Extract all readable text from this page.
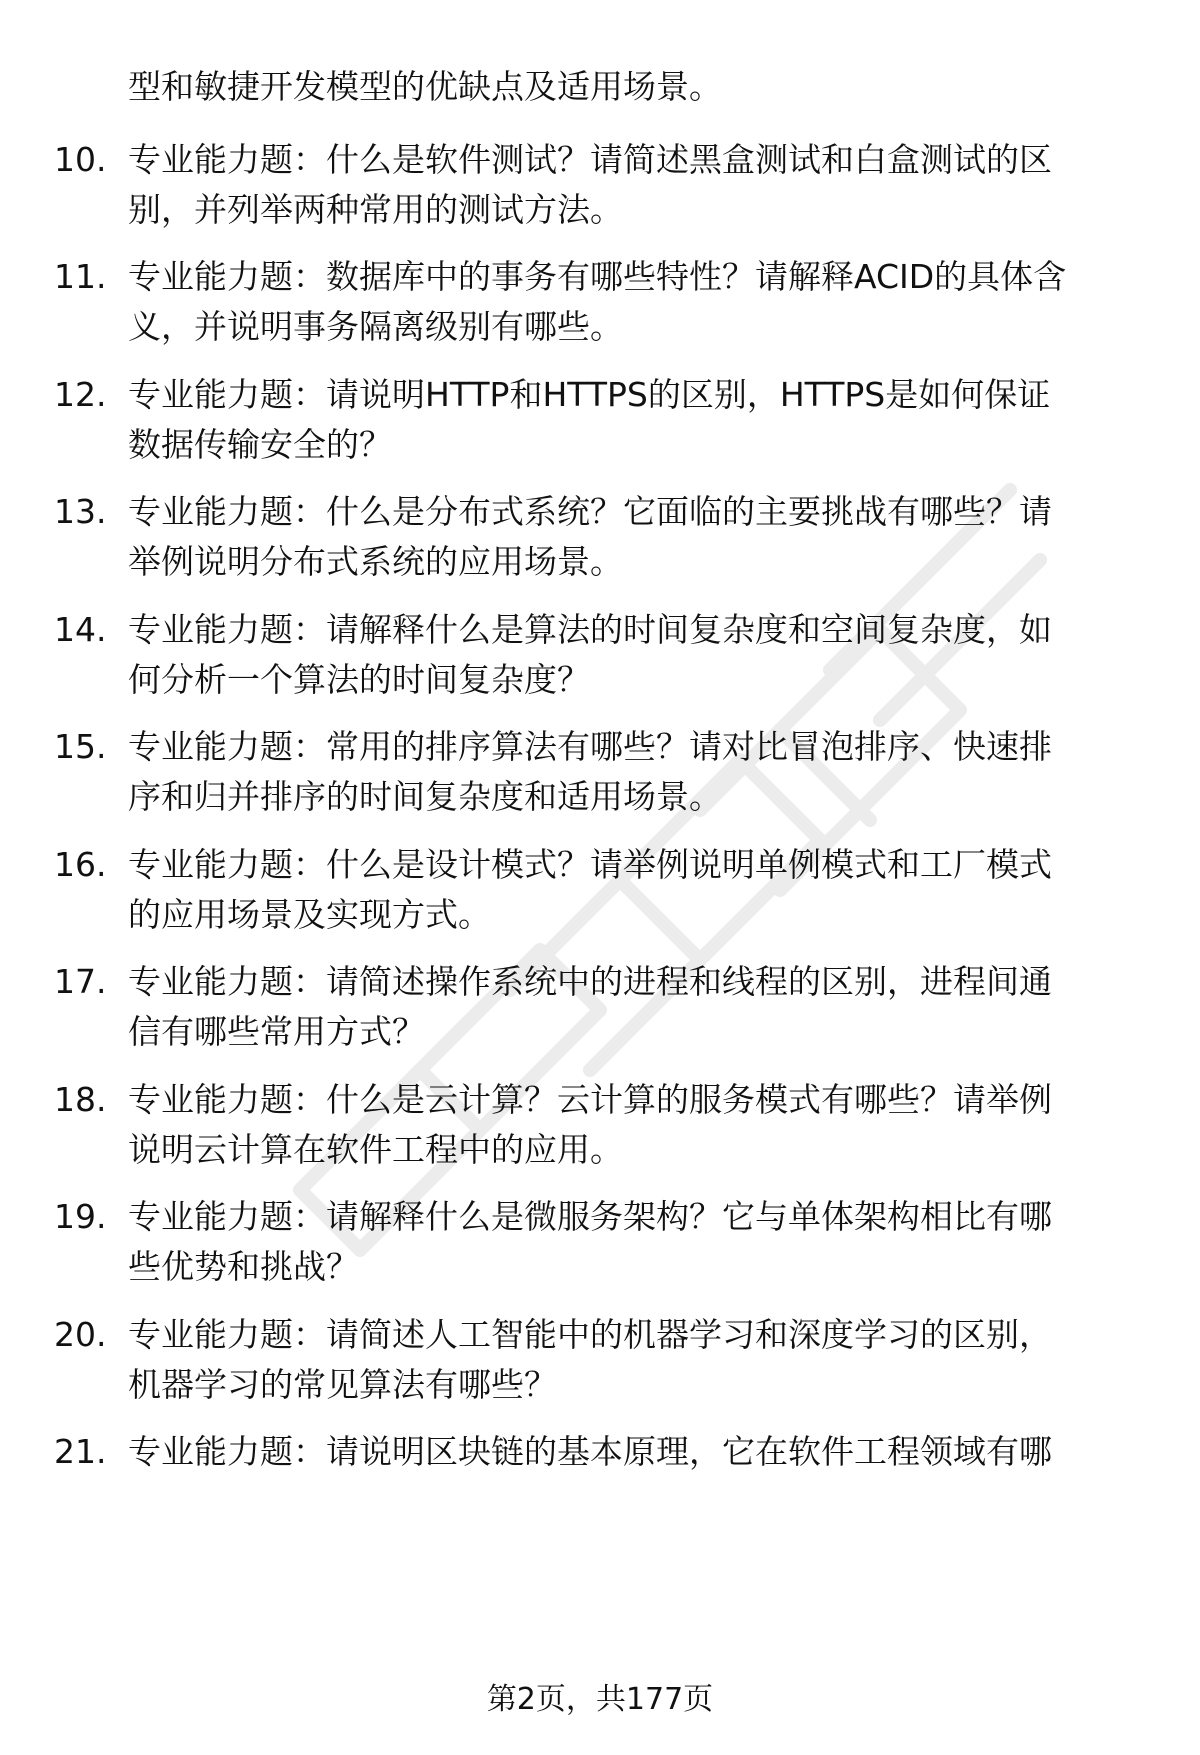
型和敏捷开发模型的优缺点及适用场景。
10. 专业能力题：什么是软件测试？请简述黑盒测试和白盒测试的区
别，并列举两种常用的测试方法。
11. 专业能力题：数据库中的事务有哪些特性？请解释ACID的具体含
义，并说明事务隔离级别有哪些。
12. 专业能力题：请说明HTTP和HTTPS的区别，HTTPS是如何保证
数据传输安全的？
13. 专业能力题：什么是分布式系统？它面临的主要挑战有哪些？请
举例说明分布式系统的应用场景。
14. 专业能力题：请解释什么是算法的时间复杂度和空间复杂度，如
何分析一个算法的时间复杂度？
15. 专业能力题：常用的排序算法有哪些？请对比冒泡排序、快速排
序和归并排序的时间复杂度和适用场景。
16. 专业能力题：什么是设计模式？请举例说明单例模式和工厂模式
的应用场景及实现方式。
17. 专业能力题：请简述操作系统中的进程和线程的区别，进程间通
信有哪些常用方式？
18. 专业能力题：什么是云计算？云计算的服务模式有哪些？请举例
说明云计算在软件工程中的应用。
19. 专业能力题：请解释什么是微服务架构？它与单体架构相比有哪
些优势和挑战？
20. 专业能力题：请简述人工智能中的机器学习和深度学习的区别，
机器学习的常见算法有哪些？
21. 专业能力题：请说明区块链的基本原理，它在软件工程领域有哪
第2页，共177页
